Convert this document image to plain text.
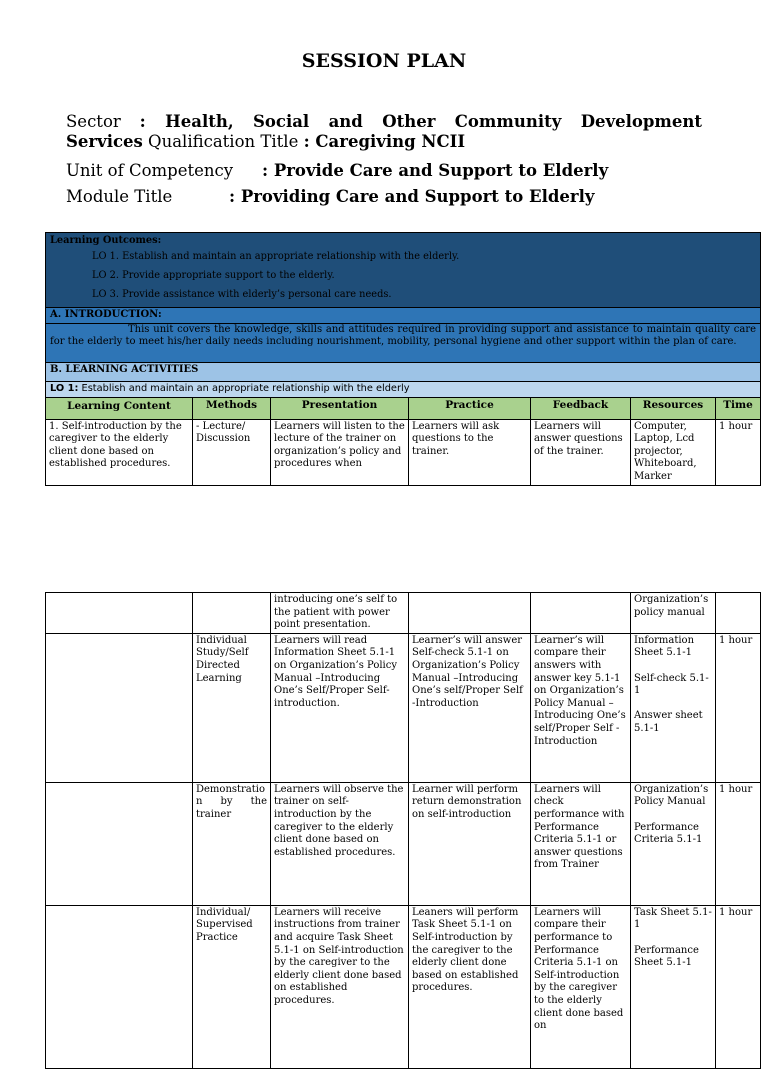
SESSION PLAN
Sector : Health, Social and Other Community Development
Services Qualification Title : Caregiving NCII
Unit of Competency : Provide Care and Support to Elderly
Module Title	: Providing Care and Support to Elderly
Learning Outcomes:
LO 1. Establish and maintain an appropriate relationship with the elderly.
LO 2. Provide appropriate support to the elderly.
LO 3. Provide assistance with elderly’s personal care needs.						

A. INTRODUCTION:						
This unit covers the knowledge, skills and attitudes required in providing support and assistance to maintain quality care for the elderly to meet his/her daily needs including nourishment, mobility, personal hygiene and other support within the plan of care.						
B. LEARNING ACTIVITIES						
LO 1: Establish and maintain an appropriate relationship with the elderly						
Learning Content	Methods	Presentation	Practice	Feedback	Resources	Time
1. Self-introduction by the caregiver to the elderly client done based on established procedures.	- Lecture/ Discussion	Learners will listen to the lecture of the trainer on organization’s policy and procedures when	Learners will ask questions to the trainer.	Learners will answer questions of the trainer.	Computer, Laptop, Lcd projector, Whiteboard, Marker	1 hour
		introducing one’s self to the patient with power point presentation.			Organization’s policy manual	
	Individual Study/Self Directed Learning	Learners will read Information Sheet 5.1-1 on Organization’s Policy Manual –Introducing One’s Self/Proper Self-introduction.	Learner’s will answer Self-check 5.1-1 on Organization’s Policy Manual –Introducing One’s self/Proper Self -Introduction	Learner’s will compare their answers with answer key 5.1-1 on Organization’s Policy Manual –Introducing One’s self/Proper Self -Introduction	Information Sheet 5.1-1

Self-check 5.1-1

Answer sheet 5.1-1	1 hour
	Demonstration by the trainer	Learners will observe the trainer on self-introduction by the caregiver to the elderly client done based on established procedures.	Learner will perform return demonstration on self-introduction	Learners will check performance with Performance Criteria 5.1-1 or answer questions from Trainer	Organization’s Policy Manual

Performance Criteria 5.1-1	1 hour
	Individual/ Supervised Practice	Learners will receive instructions from trainer and acquire Task Sheet 5.1-1 on Self-introduction by the caregiver to the elderly client done based on established procedures.	Leaners will perform Task Sheet 5.1-1 on Self-introduction by the caregiver to the elderly client done based on established procedures.	Learners will compare their performance to Performance Criteria 5.1-1 on Self-introduction by the caregiver to the elderly client done based on	Task Sheet 5.1-1

Performance Sheet 5.1-1	1 hour
